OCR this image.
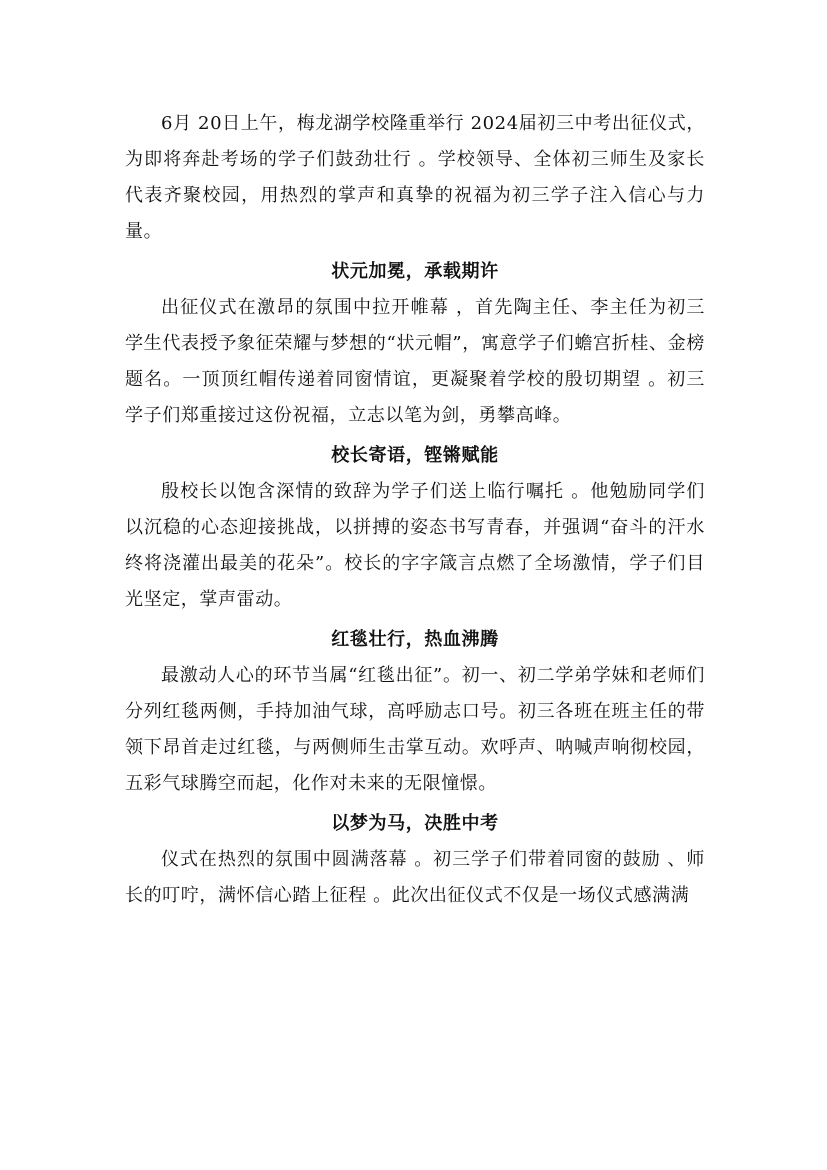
6月 20日上午，梅龙湖学校隆重举行 2024届初三中考出征仪式，为即将奔赴考场的学子们鼓劲壮行 。学校领导、全体初三师生及家长代表齐聚校园，用热烈的掌声和真挚的祝福为初三学子注入信心与力量。

状元加冕，承载期许

出征仪式在激昂的氛围中拉开帷幕 ，首先陶主任、李主任为初三学生代表授予象征荣耀与梦想的“状元帽”，寓意学子们蟾宫折桂、金榜题名。一顶顶红帽传递着同窗情谊，更凝聚着学校的殷切期望 。初三学子们郑重接过这份祝福，立志以笔为剑，勇攀高峰。

校长寄语，铿锵赋能

殷校长以饱含深情的致辞为学子们送上临行嘱托 。他勉励同学们以沉稳的心态迎接挑战，以拼搏的姿态书写青春，并强调“奋斗的汗水终将浇灌出最美的花朵”。校长的字字箴言点燃了全场激情，学子们目光坚定，掌声雷动。

红毯壮行，热血沸腾

最激动人心的环节当属“红毯出征”。初一、初二学弟学妹和老师们分列红毯两侧，手持加油气球，高呼励志口号。初三各班在班主任的带领下昂首走过红毯，与两侧师生击掌互动。欢呼声、呐喊声响彻校园，五彩气球腾空而起，化作对未来的无限憧憬。

以梦为马，决胜中考

仪式在热烈的氛围中圆满落幕 。初三学子们带着同窗的鼓励 、师长的叮咛，满怀信心踏上征程 。此次出征仪式不仅是一场仪式感满满
